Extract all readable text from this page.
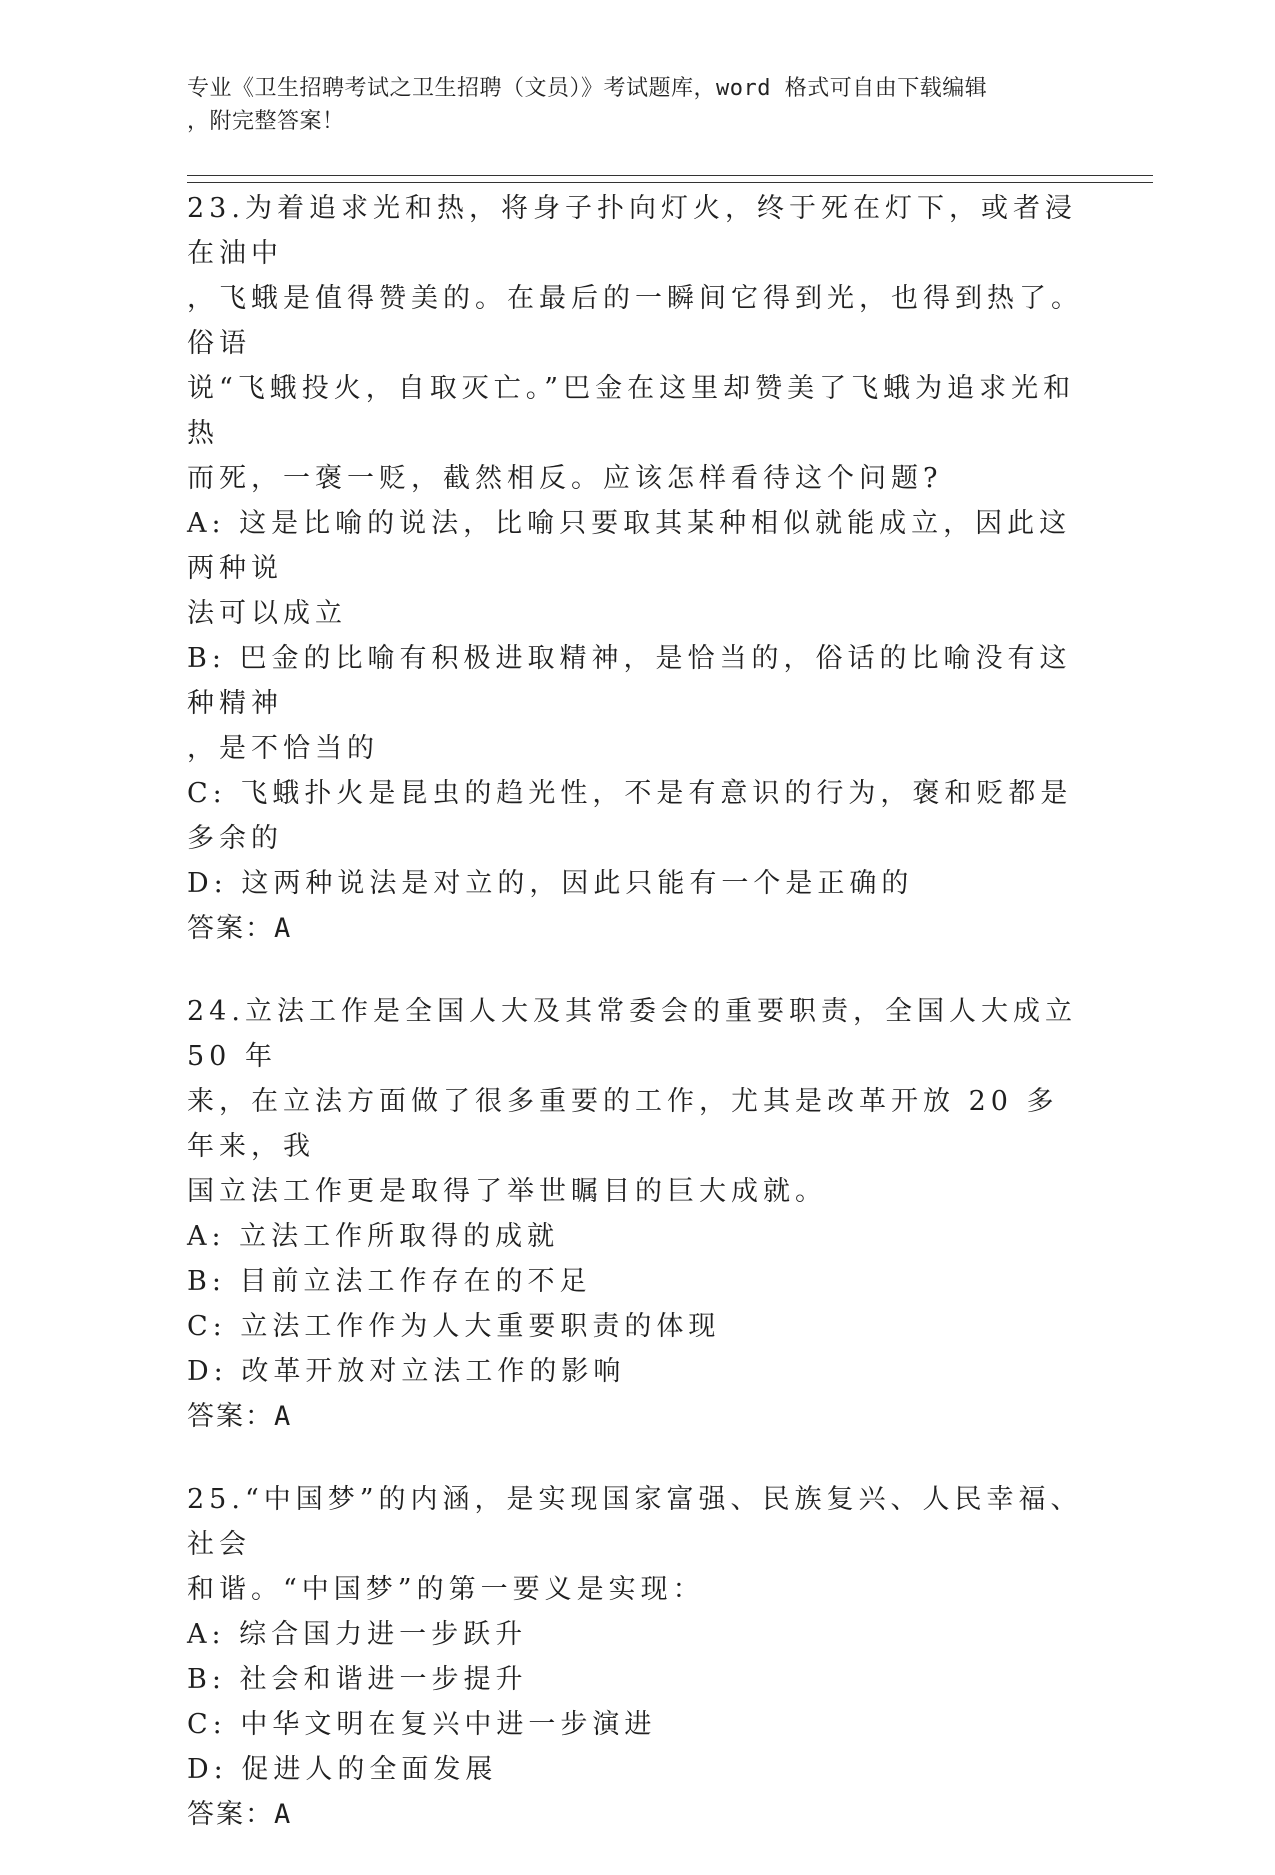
专业《卫生招聘考试之卫生招聘（文员）》考试题库，word 格式可自由下载编辑
，附完整答案！
23.为着追求光和热，将身子扑向灯火，终于死在灯下，或者浸在油中
，飞蛾是值得赞美的。在最后的一瞬间它得到光，也得到热了。俗语
说“飞蛾投火，自取灭亡。”巴金在这里却赞美了飞蛾为追求光和热
而死，一褒一贬，截然相反。应该怎样看待这个问题?
A: 这是比喻的说法，比喻只要取其某种相似就能成立，因此这两种说
法可以成立
B: 巴金的比喻有积极进取精神，是恰当的，俗话的比喻没有这种精神
，是不恰当的
C: 飞蛾扑火是昆虫的趋光性，不是有意识的行为，褒和贬都是多余的
D: 这两种说法是对立的，因此只能有一个是正确的
答案：A
24.立法工作是全国人大及其常委会的重要职责，全国人大成立 50 年
来，在立法方面做了很多重要的工作，尤其是改革开放 20 多年来，我
国立法工作更是取得了举世瞩目的巨大成就。
A: 立法工作所取得的成就
B: 目前立法工作存在的不足
C: 立法工作作为人大重要职责的体现
D: 改革开放对立法工作的影响
答案：A
25.“中国梦”的内涵，是实现国家富强、民族复兴、人民幸福、社会
和谐。“中国梦”的第一要义是实现：
A: 综合国力进一步跃升
B: 社会和谐进一步提升
C: 中华文明在复兴中进一步演进
D: 促进人的全面发展
答案：A
